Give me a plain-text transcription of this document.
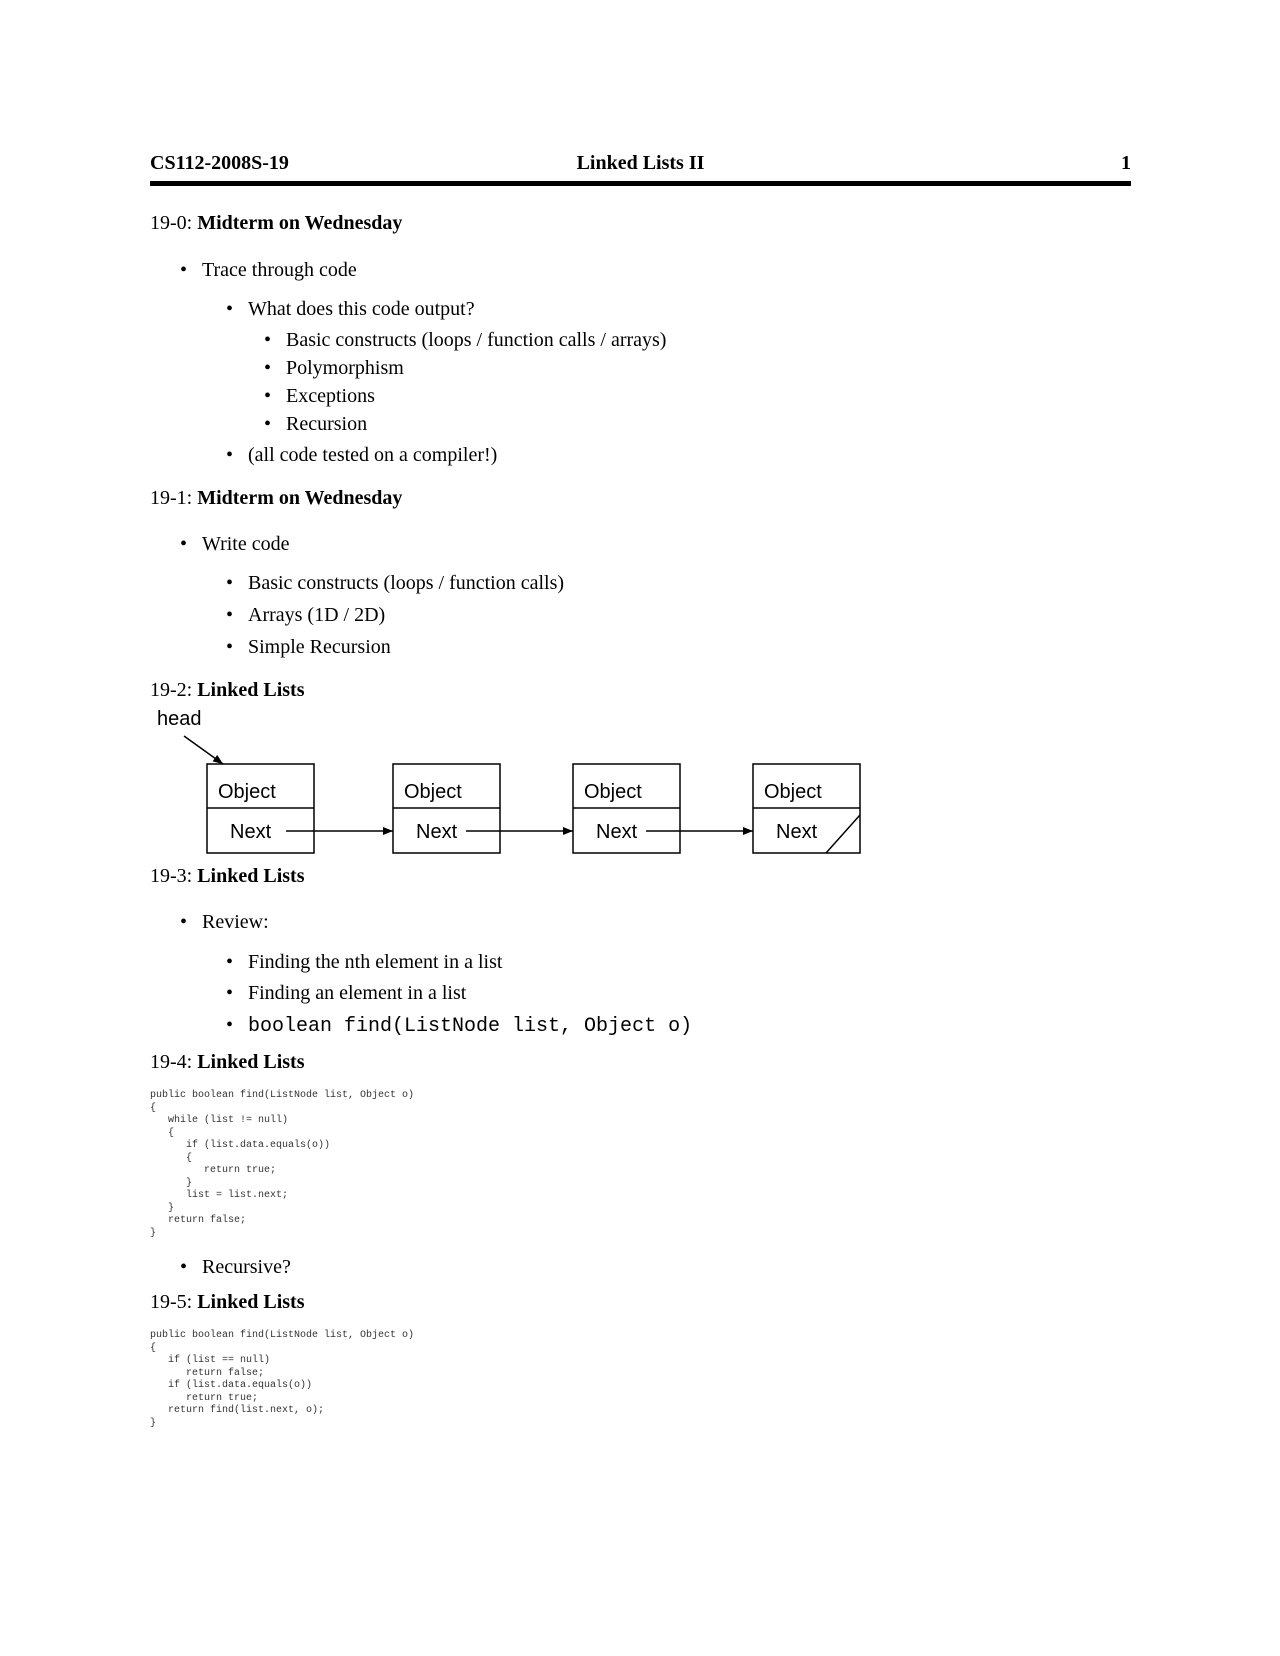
CS112-2008S-19	Linked Lists II	1
19-0: Midterm on Wednesday
• Trace through code
• What does this code output?
• Basic constructs (loops / function calls / arrays)
• Polymorphism
• Exceptions
• Recursion
• (all code tested on a compiler!)
19-1: Midterm on Wednesday
• Write code
• Basic constructs (loops / function calls)
• Arrays (1D / 2D)
• Simple Recursion
19-2: Linked Lists
head
Object
Next
Object
Next
Object
Next
Object
Next
19-3: Linked Lists
• Review:
• Finding the nth element in a list
• Finding an element in a list
• boolean find(ListNode list, Object o)
19-4: Linked Lists
public boolean find(ListNode list, Object o)
{
while (list != null)
{
if (list.data.equals(o))
{
return true;
}
list = list.next;
}
return false;
}
• Recursive?
19-5: Linked Lists
public boolean find(ListNode list, Object o)
{
if (list == null)
return false;
if (list.data.equals(o))
return true;
return find(list.next, o);
}
